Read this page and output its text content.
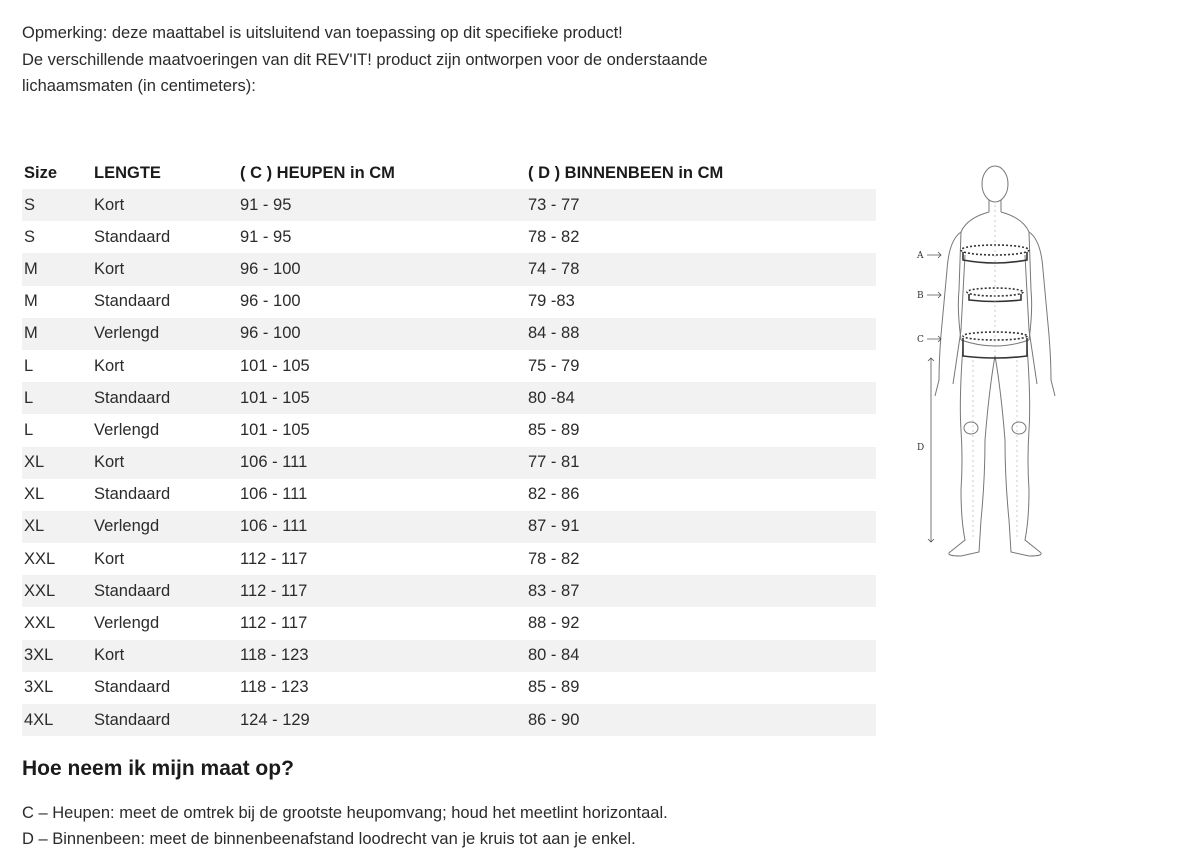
Opmerking: deze maattabel is uitsluitend van toepassing op dit specifieke product!

De verschillende maatvoeringen van dit REV'IT! product zijn ontworpen voor de onderstaande

lichaamsmaten (in centimeters):

Size	LENGTE	( C ) HEUPEN in CM	( D ) BINNENBEEN in CM
S	Kort	91 - 95	73 - 77
S	Standaard	91 - 95	78 - 82
M	Kort	96 - 100	74 - 78
M	Standaard	96 - 100	79 -83
M	Verlengd	96 - 100	84 - 88
L	Kort	101 - 105	75 - 79
L	Standaard	101 - 105	80 -84
L	Verlengd	101 - 105	85 - 89
XL	Kort	106 - 111	77 - 81
XL	Standaard	106 - 111	82 - 86
XL	Verlengd	106 - 111	87 - 91
XXL	Kort	112 - 117	78 - 82
XXL	Standaard	112 - 117	83 - 87
XXL	Verlengd	112 - 117	88 - 92
3XL	Kort	118 - 123	80 - 84
3XL	Standaard	118 - 123	85 - 89
4XL	Standaard	124 - 129	86 - 90
A
B
C
D
Hoe neem ik mijn maat op?

C – Heupen: meet de omtrek bij de grootste heupomvang; houd het meetlint horizontaal.

D – Binnenbeen: meet de binnenbeenafstand loodrecht van je kruis tot aan je enkel.
